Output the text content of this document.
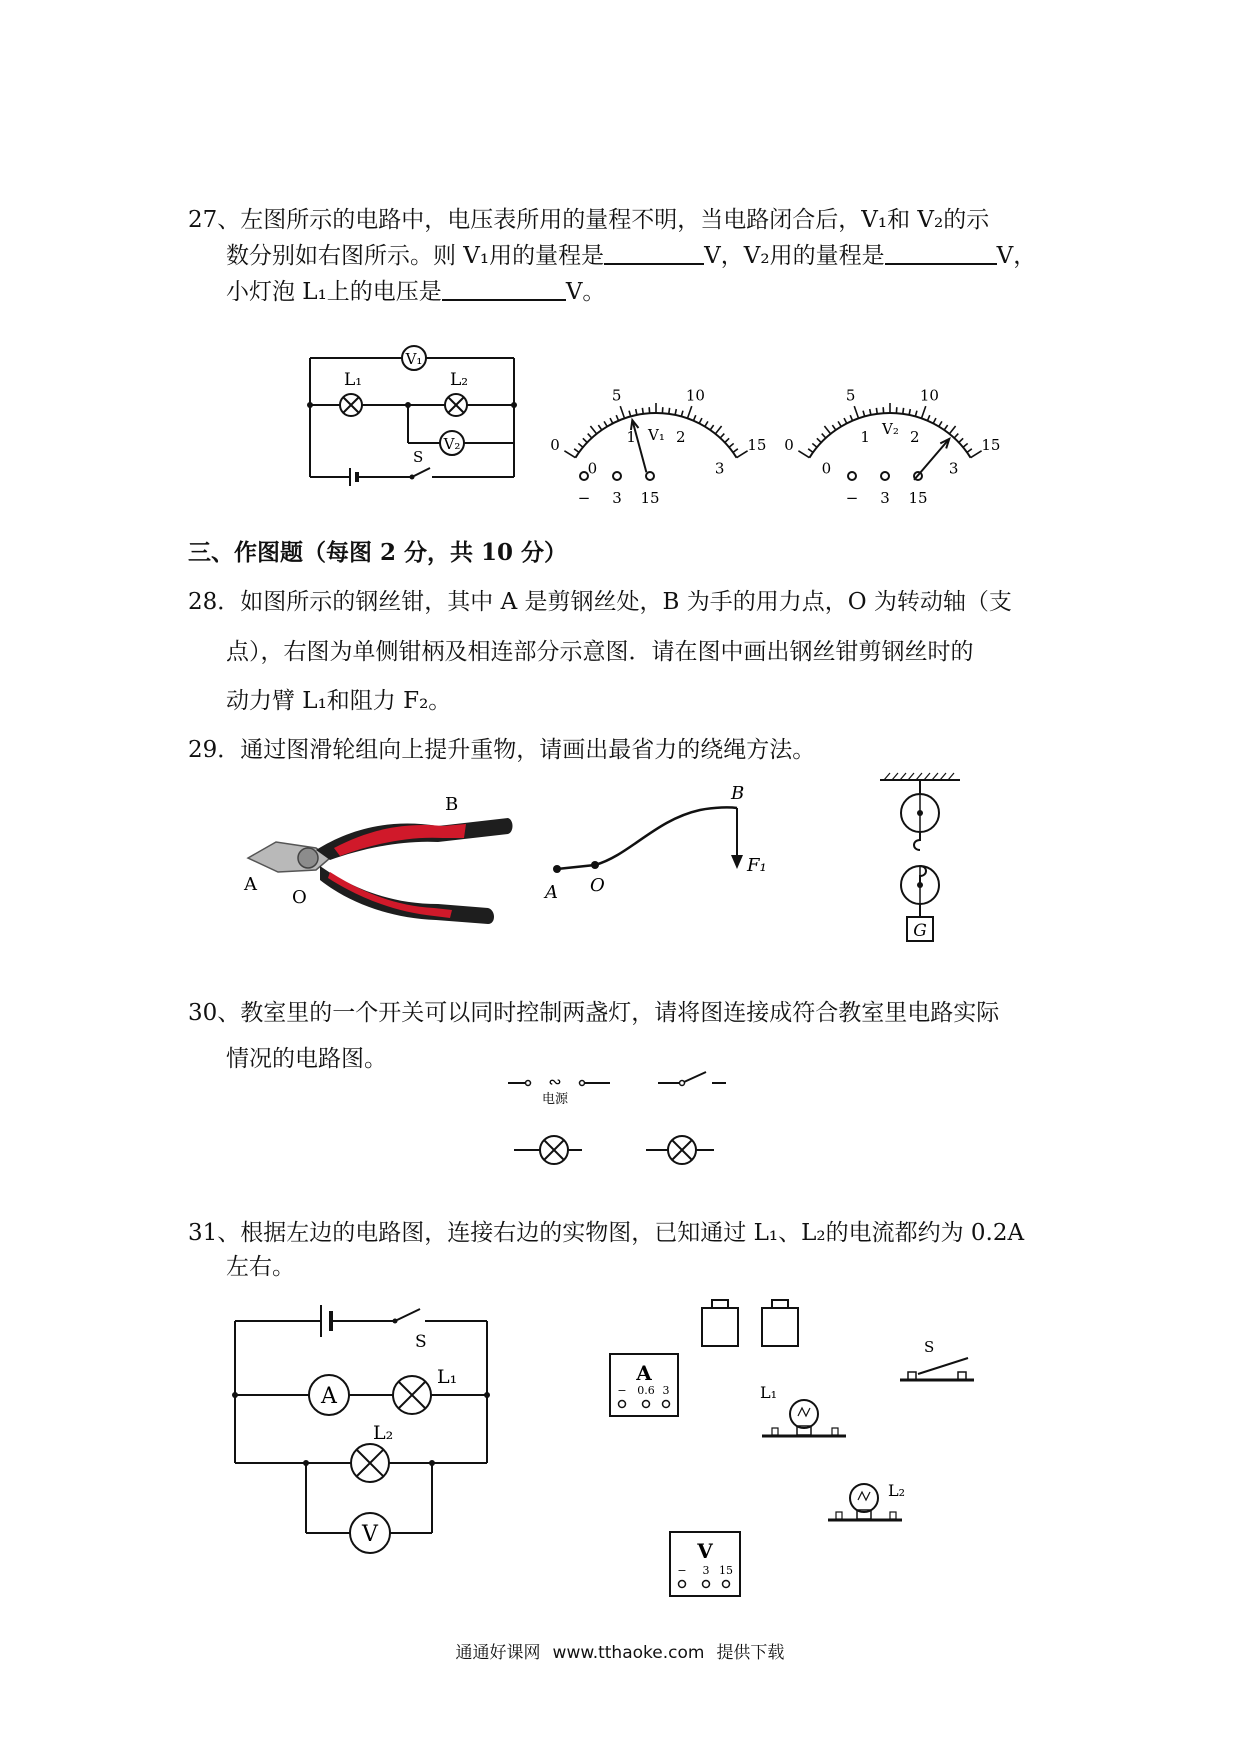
27、左图所示的电路中，电压表所用的量程不明，当电路闭合后，V₁和 V₂的示
数分别如右图所示。则 V₁用的量程是	V，V₂用的量程是	V，
小灯泡 L₁上的电压是	V。
V₁
L₁	L₂
V₂
S
V₁
0
5	10
15
0
1	2
3
− 3 15
V₂
0
5	10
15
0
1	2
3
− 3 15
三、作图题（每图 2 分，共 10 分）
28．如图所示的钢丝钳，其中 A 是剪钢丝处，B 为手的用力点，O 为转动轴（支
点），右图为单侧钳柄及相连部分示意图．请在图中画出钢丝钳剪钢丝时的
动力臂 L₁和阻力 F₂。
29．通过图滑轮组向上提升重物，请画出最省力的绕绳方法。
A
O
B
A O
B
F₁
G
30、教室里的一个开关可以同时控制两盏灯，请将图连接成符合教室里电路实际
情况的电路图。
∾
电源
31、根据左边的电路图，连接右边的实物图，已知通过 L₁、L₂的电流都约为 0.2A
左右。
S
A
L₁
L₂
V
A
− 0.6 3
S
L₁
L₂
V
− 3 15
通通好课网 www.tthaoke.com 提供下载
